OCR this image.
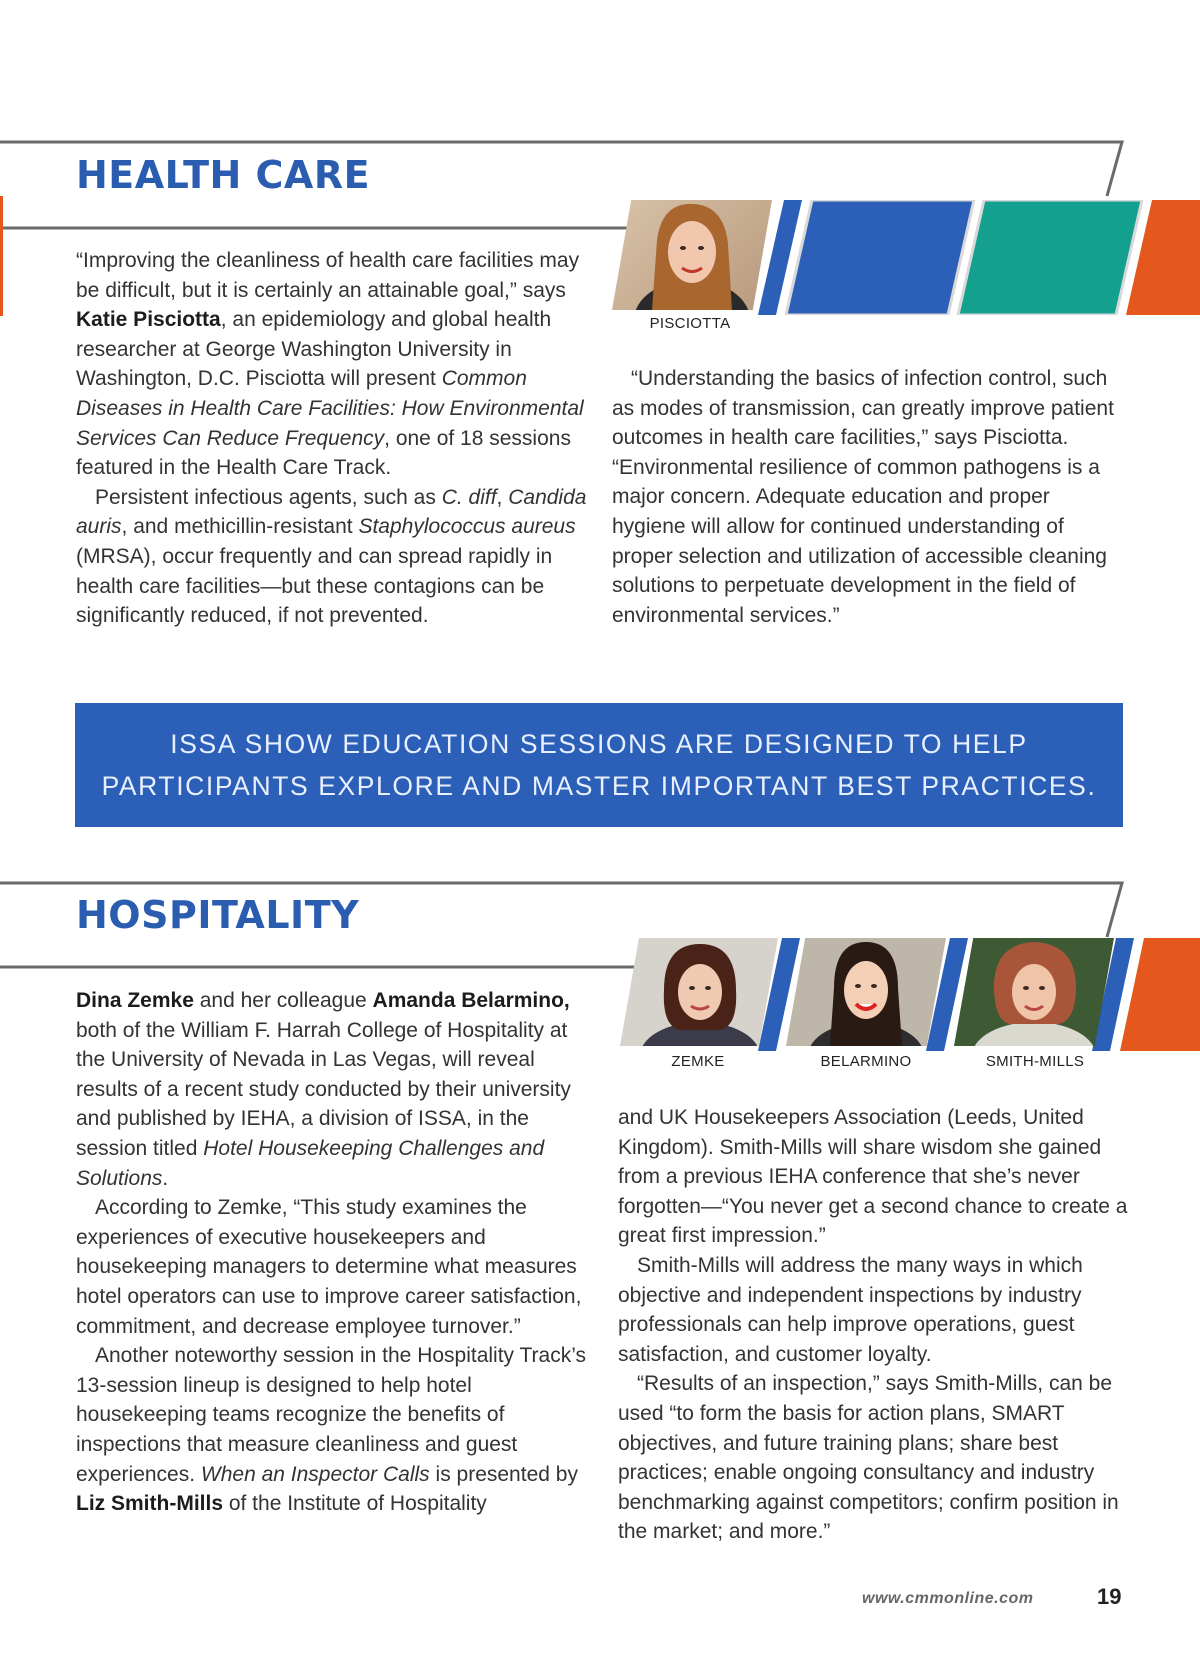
HEALTH CARE
PISCIOTTA

“Improving the cleanliness of health care facilities may be difficult, but it is certainly an attainable goal,” says Katie Pisciotta, an epidemiology and global health researcher at George Washington University in Washington, D.C. Pisciotta will present Common Diseases in Health Care Facilities: How Environmental Services Can Reduce Frequency, one of 18 sessions featured in the Health Care Track.

Persistent infectious agents, such as C. diff, Candida auris, and methicillin-resistant Staphylococcus aureus (MRSA), occur frequently and can spread rapidly in health care facilities—but these contagions can be significantly reduced, if not prevented.

“Understanding the basics of infection control, such as modes of transmission, can greatly improve patient outcomes in health care facilities,” says Pisciotta. “Environmental resilience of common pathogens is a major concern. Adequate education and proper hygiene will allow for continued understanding of proper selection and utilization of accessible cleaning solutions to perpetuate development in the field of environmental services.”

ISSA SHOW EDUCATION SESSIONS ARE DESIGNED TO HELP
PARTICIPANTS EXPLORE AND MASTER IMPORTANT BEST PRACTICES.
HOSPITALITY
ZEMKE	BELARMINO	SMITH-MILLS

Dina Zemke and her colleague Amanda Belarmino, both of the William F. Harrah College of Hospitality at the University of Nevada in Las Vegas, will reveal results of a recent study conducted by their university and published by IEHA, a division of ISSA, in the session titled Hotel Housekeeping Challenges and Solutions.

According to Zemke, “This study examines the experiences of executive housekeepers and housekeeping managers to determine what measures hotel operators can use to improve career satisfaction, commitment, and decrease employee turnover.”

Another noteworthy session in the Hospitality Track’s 13-session lineup is designed to help hotel housekeeping teams recognize the benefits of inspections that measure cleanliness and guest experiences. When an Inspector Calls is presented by Liz Smith-Mills of the Institute of Hospitality

and UK Housekeepers Association (Leeds, United Kingdom). Smith-Mills will share wisdom she gained from a previous IEHA conference that she’s never forgotten—“You never get a second chance to create a great first impression.”

Smith-Mills will address the many ways in which objective and independent inspections by industry professionals can help improve operations, guest satisfaction, and customer loyalty.

“Results of an inspection,” says Smith-Mills, can be used “to form the basis for action plans, SMART objectives, and future training plans; share best practices; enable ongoing consultancy and industry benchmarking against competitors; confirm position in the market; and more.”

www.cmmonline.com	19
